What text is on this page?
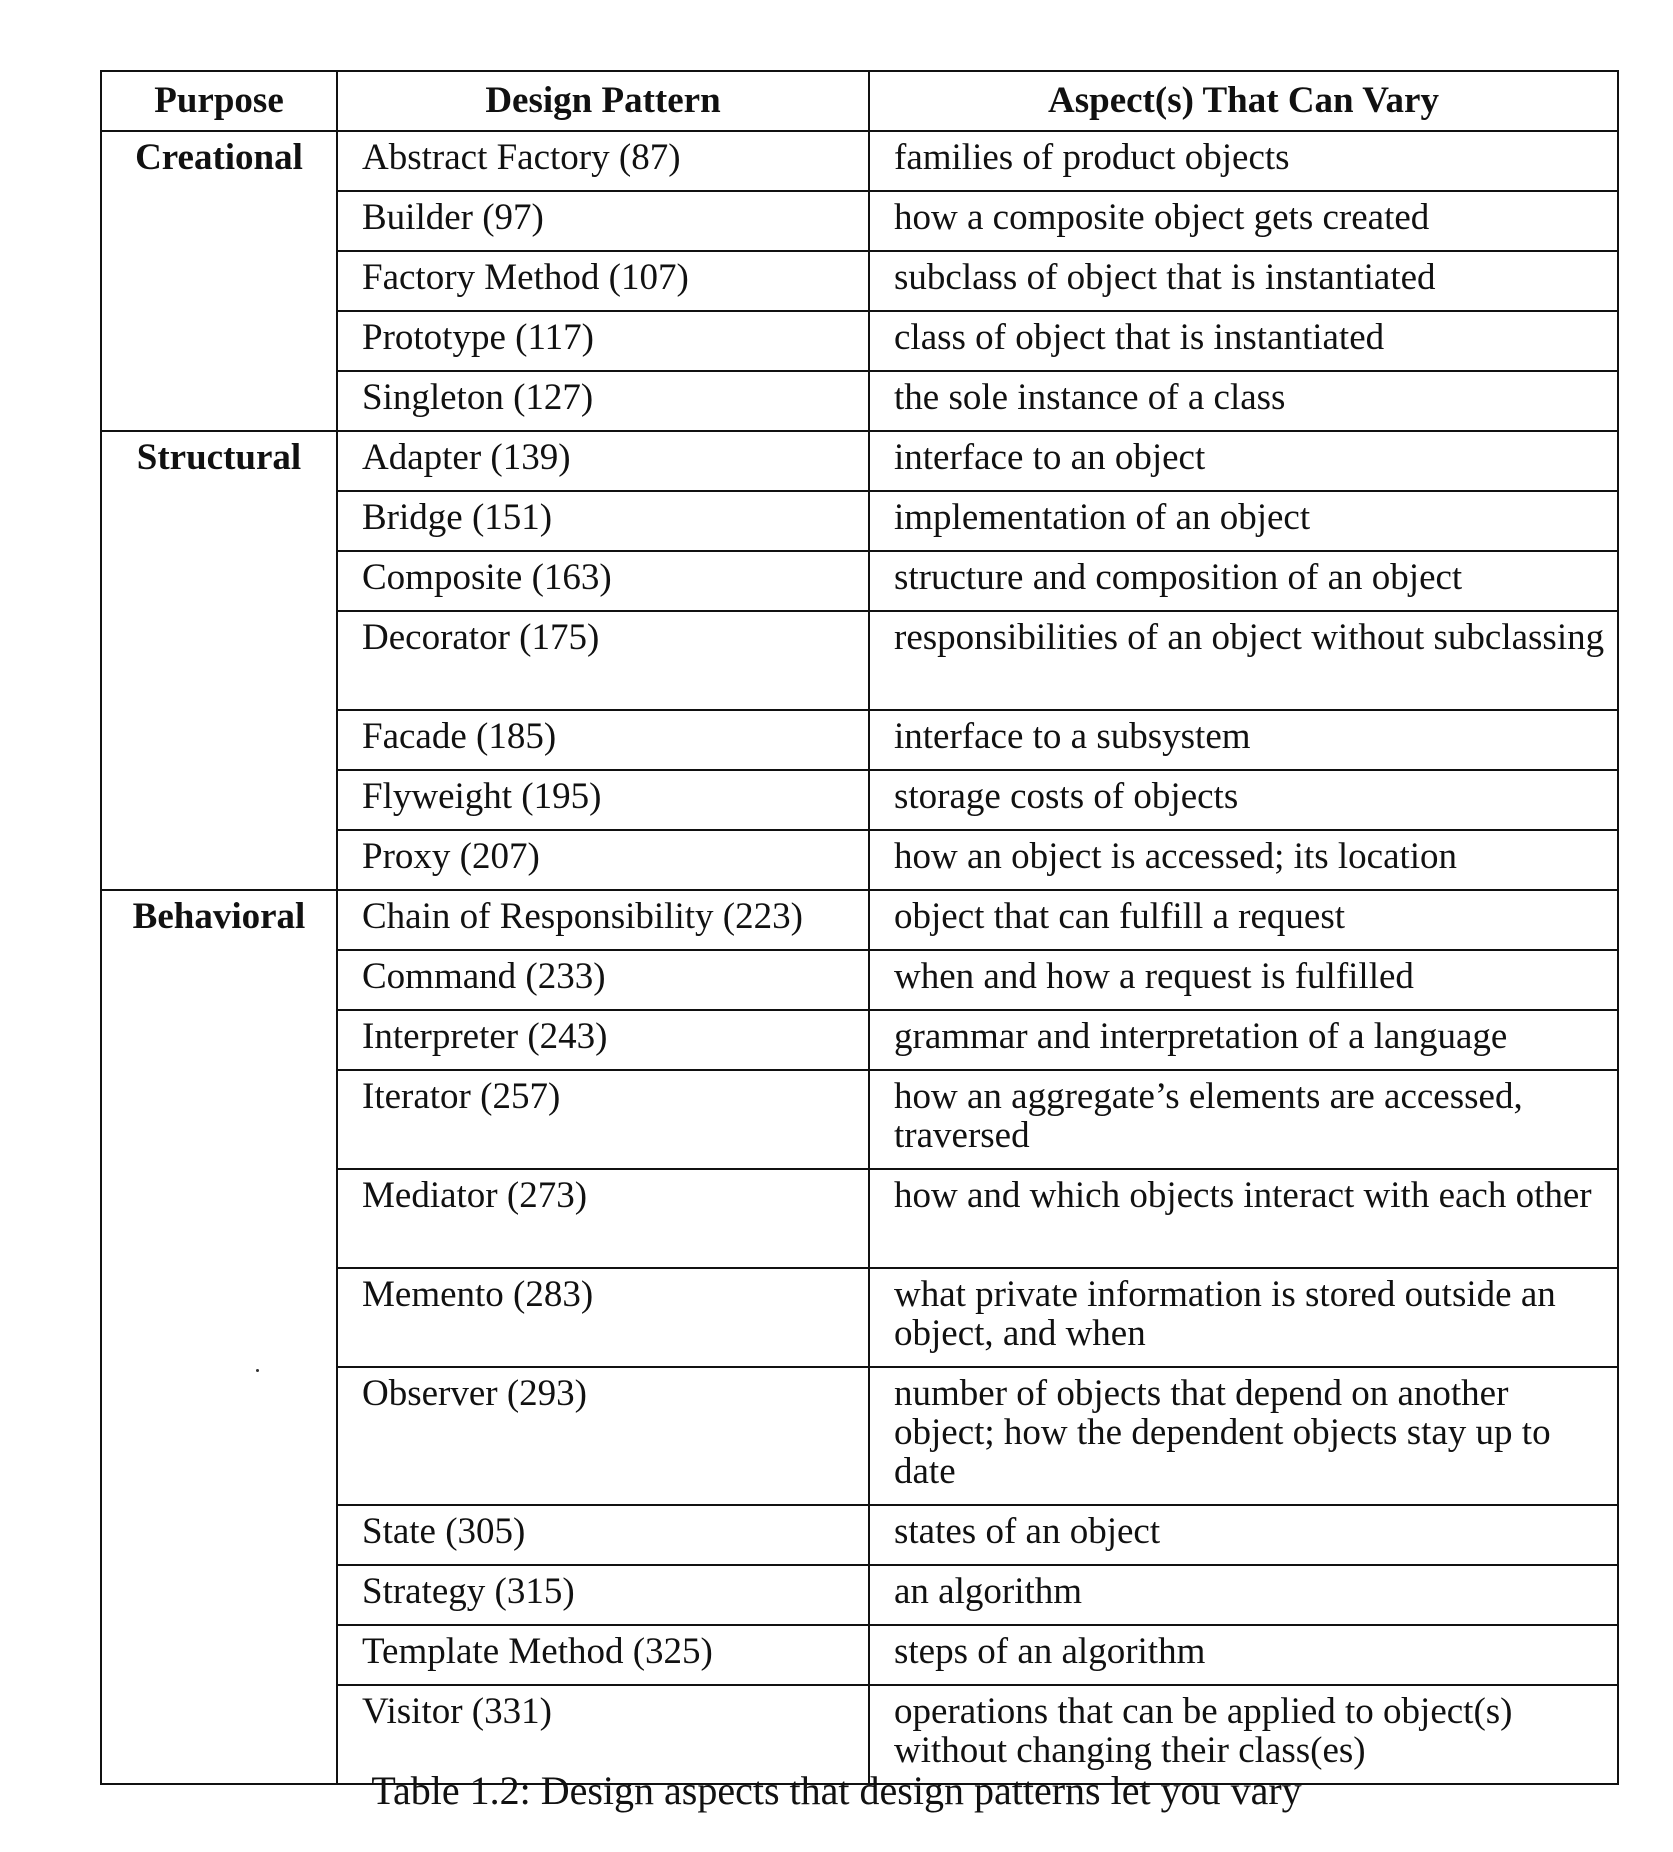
Purpose	Design Pattern	Aspect(s) That Can Vary
Creational	Abstract Factory (87)	families of product objects
	Builder (97)	how a composite object gets created
	Factory Method (107)	subclass of object that is instantiated
	Prototype (117)	class of object that is instantiated
	Singleton (127)	the sole instance of a class
Structural	Adapter (139)	interface to an object
	Bridge (151)	implementation of an object
	Composite (163)	structure and composition of an object
	Decorator (175)	responsibilities of an object without subclassing
	Facade (185)	interface to a subsystem
	Flyweight (195)	storage costs of objects
	Proxy (207)	how an object is accessed; its location
Behavioral	Chain of Responsibility (223)	object that can fulfill a request
	Command (233)	when and how a request is fulfilled
	Interpreter (243)	grammar and interpretation of a language
	Iterator (257)	how an aggregate’s elements are accessed, traversed
	Mediator (273)	how and which objects interact with each other
	Memento (283)	what private information is stored outside an object, and when
	Observer (293)	number of objects that depend on another object; how the dependent objects stay up to date
	State (305)	states of an object
	Strategy (315)	an algorithm
	Template Method (325)	steps of an algorithm
	Visitor (331)	operations that can be applied to object(s) without changing their class(es)
Table 1.2: Design aspects that design patterns let you vary
